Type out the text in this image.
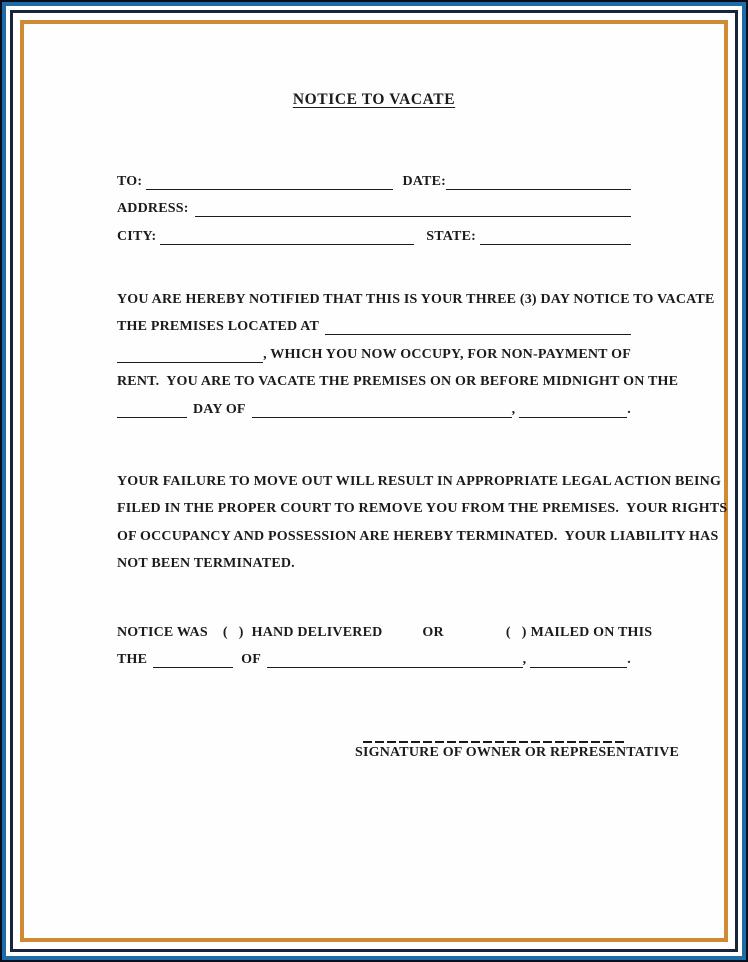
NOTICE TO VACATE
TO:	DATE:
ADDRESS:
CITY:	STATE:
YOU ARE HEREBY NOTIFIED THAT THIS IS YOUR THREE (3) DAY NOTICE TO VACATE
THE PREMISES LOCATED AT
, WHICH YOU NOW OCCUPY, FOR NON-PAYMENT OF
RENT.  YOU ARE TO VACATE THE PREMISES ON OR BEFORE MIDNIGHT ON THE
DAY OF	,	.
YOUR FAILURE TO MOVE OUT WILL RESULT IN APPROPRIATE LEGAL ACTION BEING
FILED IN THE PROPER COURT TO REMOVE YOU FROM THE PREMISES.  YOUR RIGHTS
OF OCCUPANCY AND POSSESSION ARE HEREBY TERMINATED.  YOUR LIABILITY HAS
NOT BEEN TERMINATED.
NOTICE WAS (   ) HAND DELIVERED	OR	(   ) MAILED ON THIS
THE	OF	,	.
SIGNATURE OF OWNER OR REPRESENTATIVE
